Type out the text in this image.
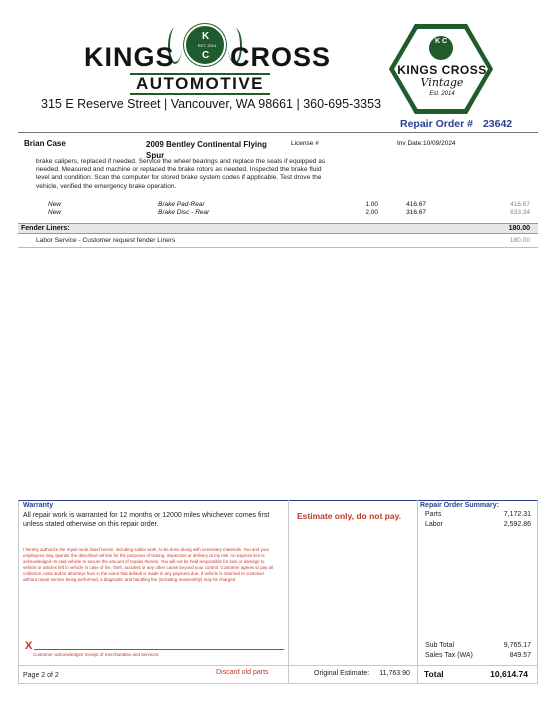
K
EST. 2014
C
KINGS CROSS
AUTOMOTIVE
315 E Reserve Street | Vancouver, WA 98661 | 360-695-3353
K C
KINGS CROSS
Vintage
Est. 2014
Repair Order # 23642
Brian Case	2009 Bentley Continental Flying Spur
License #	Inv Date:10/09/2024
brake calipers, replaced if needed. Service the wheel bearings and replace the seals if equipped as needed. Measured and machine or replaced the brake rotors as needed. Inspected the brake fluid level and condition. Scan the computer for stored brake system codes if applicable. Test drove the vehicle, verified the emergency brake operation.
New	Brake Pad-Rear	1.00	416.67	416.67
New	Brake Disc - Rear	2.00	316.67	633.34
Fender Liners:	180.00
Labor Service - Customer request fender Liners	180.00
Warranty
All repair work is warranted for 12 months or 12000 miles whichever comes first unless stated otherwise on this repair order.
I hereby authorize the repair work listed herein, including sublet work, to be done along with necessary materials. You and your employees may operate the described vehicle for the purposes of testing, inspection or delivery at my risk. An express lien is acknowledged on said vehicle to secure the amount of repairs thereto. You will not be held responsible for loss or damage to vehicle or articles left in vehicle in case of fire, theft, accident or any other cause beyond your control. Customer agrees to pay all collection costs and/or attorneys fees in the event that default is made in any payment due. If vehicle is returned to customer without repair service being performed, a diagnostic and handling fee (including reassembly) may be charged.
X
Customer acknowledges receipt of merchandise and services.
Estimate only, do not pay.
Repair Order Summary:
Parts	7,172.31
Labor	2,592.86
Sub Total	9,765.17
Sales Tax (WA)	849.57
Page 2 of 2	Discard old parts	Original Estimate: 11,763.90 Total	10,614.74
